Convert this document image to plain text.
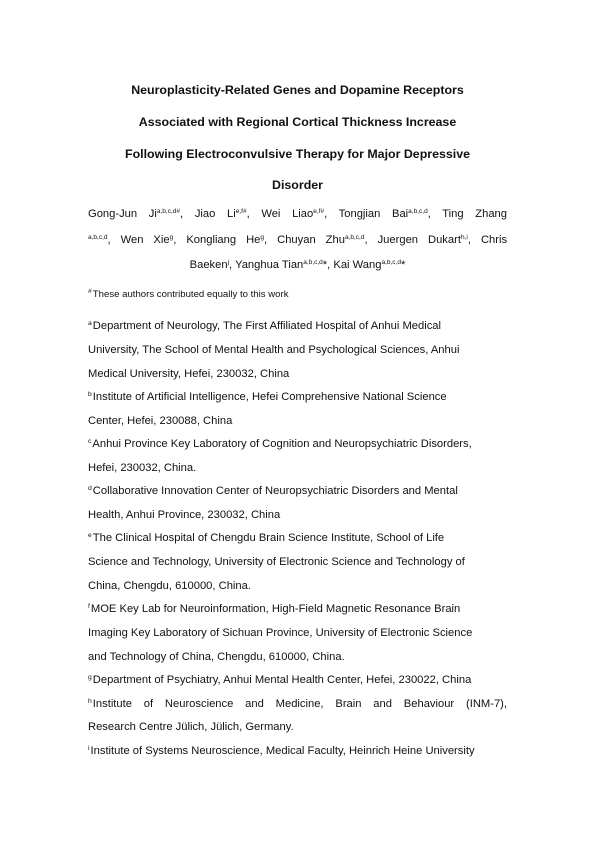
Neuroplasticity-Related Genes and Dopamine Receptors
Associated with Regional Cortical Thickness Increase
Following Electroconvulsive Therapy for Major Depressive
Disorder
Gong-Jun $Ji^{a,b,c,d\#}$, Jiao $Li^{e,f\#}$, Wei Liao$^{e,f\#}$, Tongjian Bai$^{a,b,c,d}$, Ting Zhang
$^{a,b,c,d}$, Wen Xie$^g$, Kongliang He$^g$, Chuyan Zhu$^{a,b,c,d}$, Juergen Dukart$^{h,i}$, Chris
Baeken$^j$, Yanghua Tian$^{a,b,c,d}$*, Kai Wang$^{a,b,c,d}$*
#These authors contributed equally to this work
$^a$Department of Neurology, The First Affiliated Hospital of Anhui Medical
University, The School of Mental Health and Psychological Sciences, Anhui
Medical University, Hefei, 230032, China
$^b$Institute of Artificial Intelligence, Hefei Comprehensive National Science
Center, Hefei, 230088, China
$^c$Anhui Province Key Laboratory of Cognition and Neuropsychiatric Disorders,
Hefei, 230032, China.
$^d$Collaborative Innovation Center of Neuropsychiatric Disorders and Mental
Health, Anhui Province, 230032, China
$^e$The Clinical Hospital of Chengdu Brain Science Institute, School of Life
Science and Technology, University of Electronic Science and Technology of
China, Chengdu, 610000, China.
$^f$MOE Key Lab for Neuroinformation, High-Field Magnetic Resonance Brain
Imaging Key Laboratory of Sichuan Province, University of Electronic Science
and Technology of China, Chengdu, 610000, China.
$^g$Department of Psychiatry, Anhui Mental Health Center, Hefei, 230022, China
$^h$Institute of Neuroscience and Medicine, Brain and Behaviour (INM-7),
Research Centre Jülich, Jülich, Germany.
$^i$Institute of Systems Neuroscience, Medical Faculty, Heinrich Heine University
